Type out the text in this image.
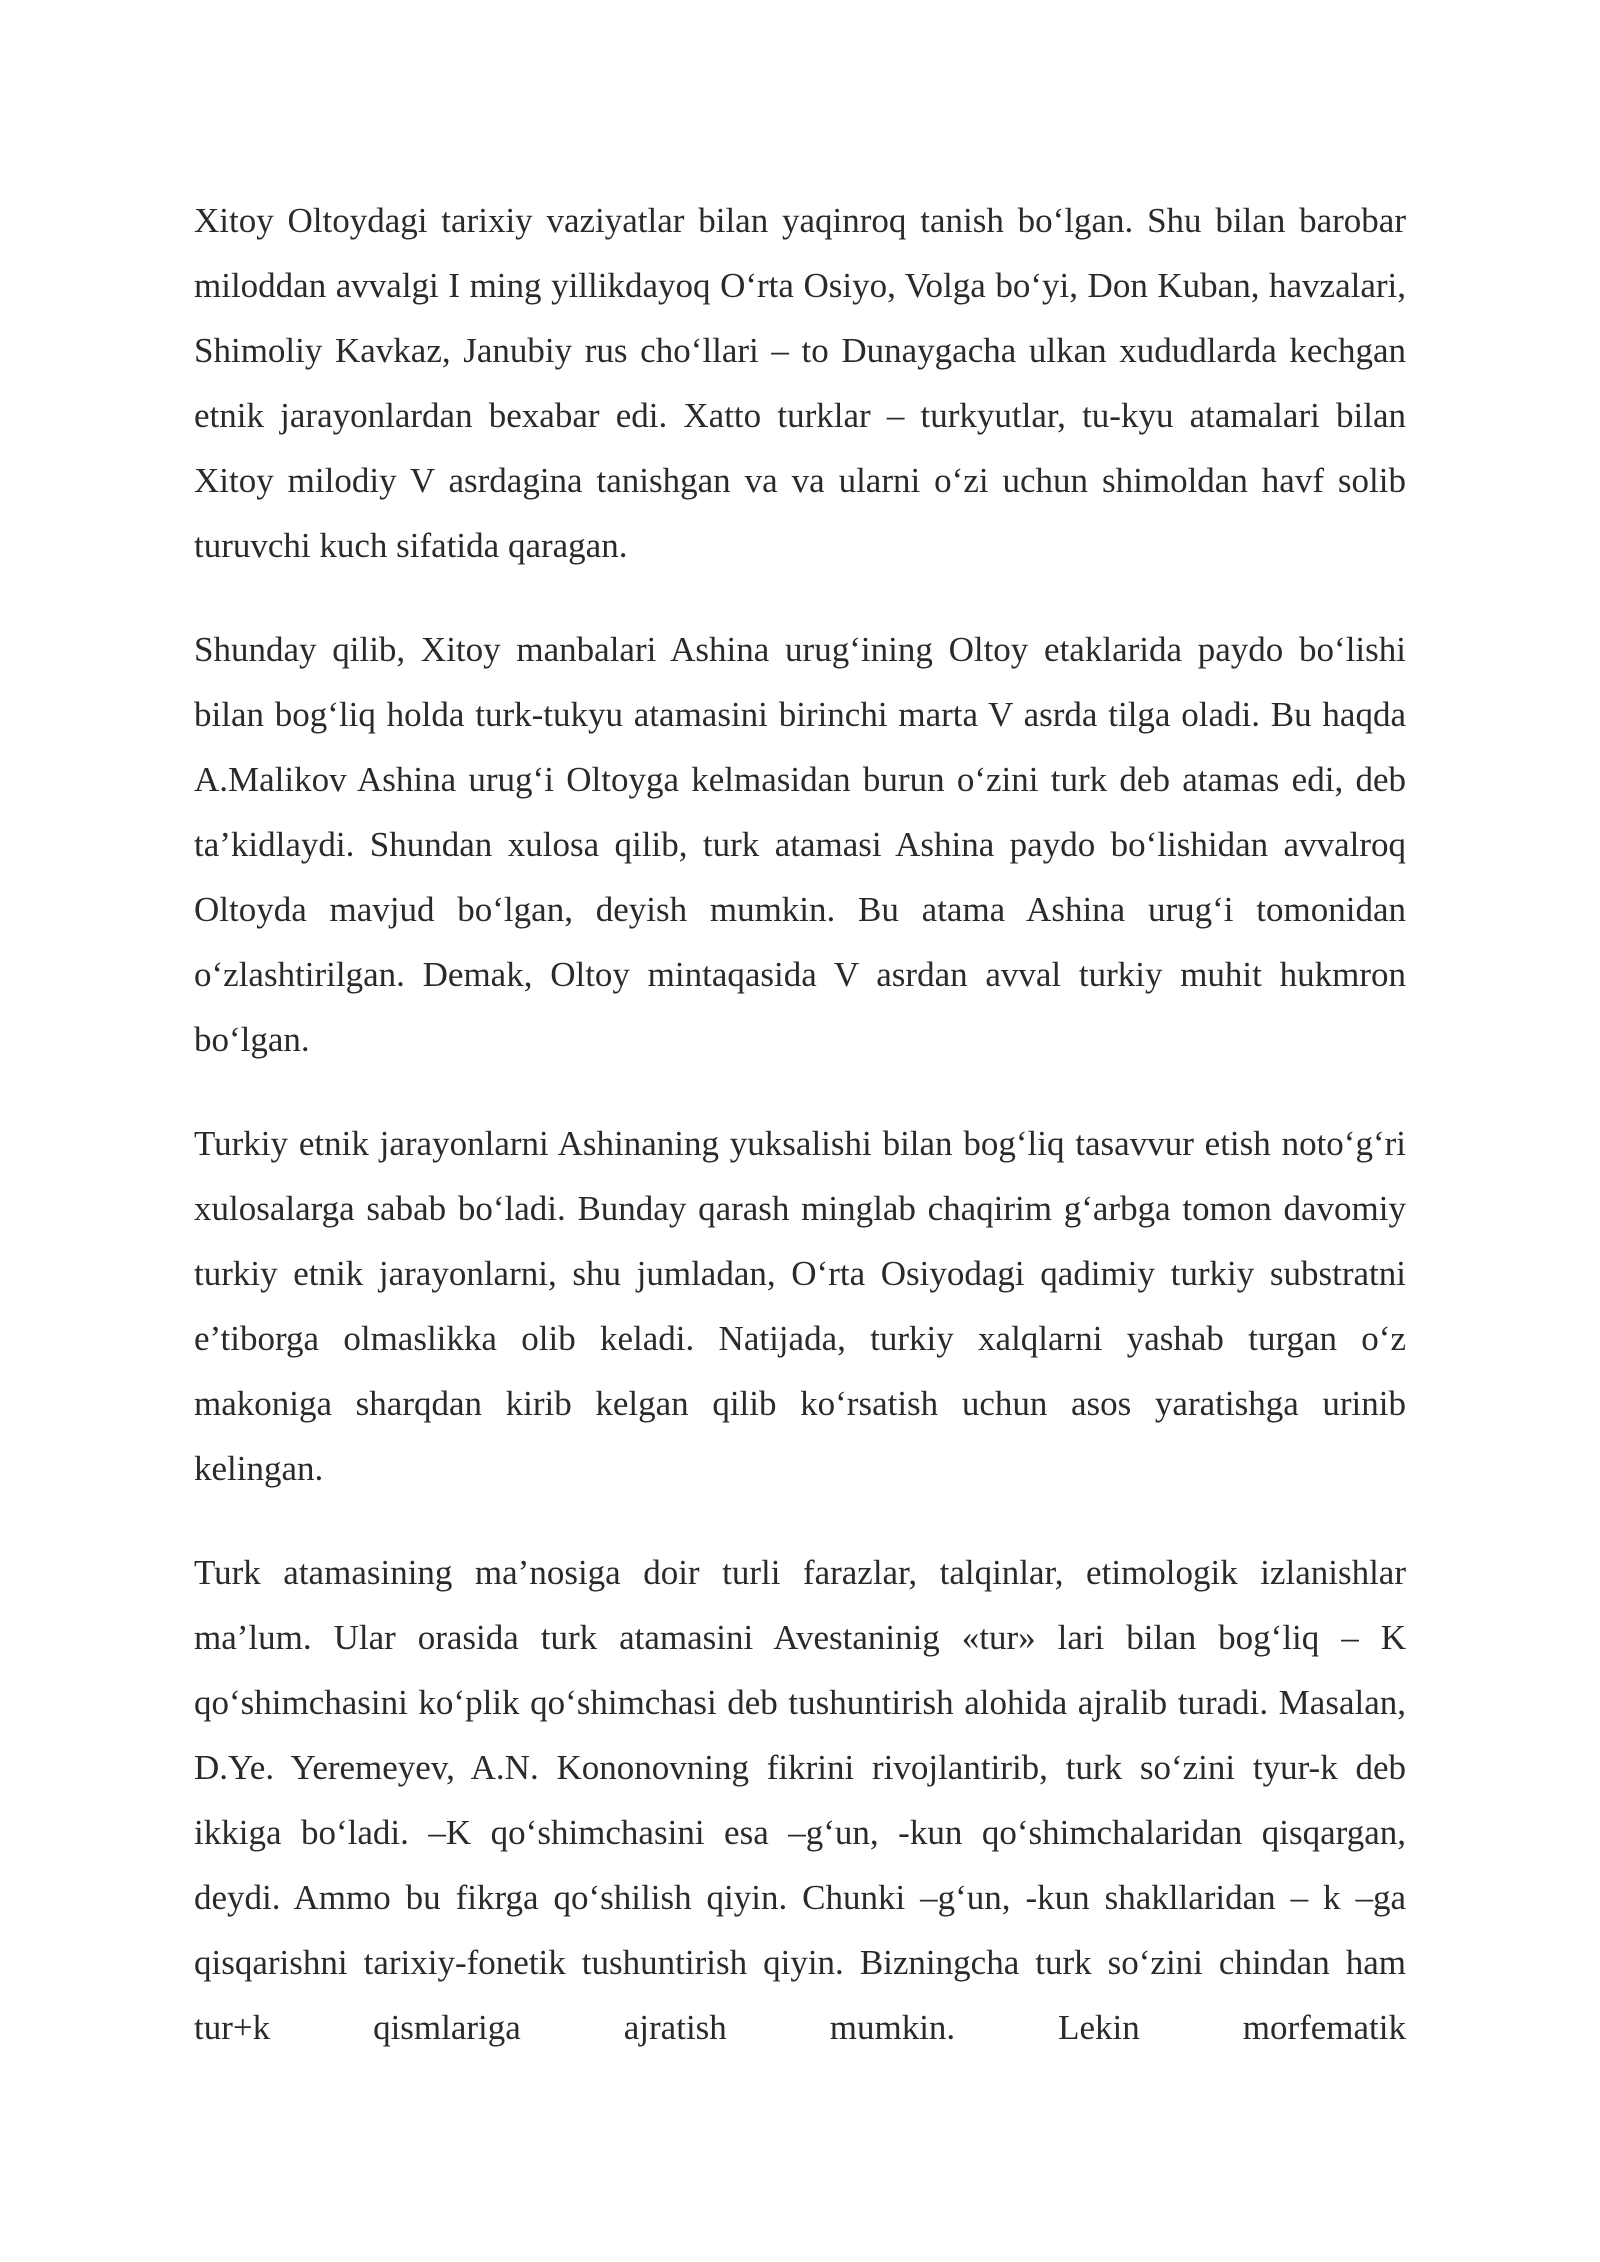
Xitoy Oltoydagi tarixiy vaziyatlar bilan yaqinroq tanish boʻlgan. Shu bilan barobar miloddan avvalgi I ming yillikdayoq Oʻrta Osiyo, Volga boʻyi, Don Kuban, havzalari, Shimoliy Kavkaz, Janubiy rus choʻllari – to Dunaygacha ulkan xududlarda kechgan etnik jarayonlardan bexabar edi. Xatto turklar – turkyutlar, tu-kyu atamalari bilan Xitoy milodiy V asrdagina tanishgan va va ularni oʻzi uchun shimoldan havf solib turuvchi kuch sifatida qaragan.

Shunday qilib, Xitoy manbalari Ashina urugʻining Oltoy etaklarida paydo boʻlishi bilan bogʻliq holda turk-tukyu atamasini birinchi marta V asrda tilga oladi. Bu haqda A.Malikov Ashina urugʻi Oltoyga kelmasidan burun oʻzini turk deb atamas edi, deb ta’kidlaydi. Shundan xulosa qilib, turk atamasi Ashina paydo boʻlishidan avvalroq Oltoyda mavjud boʻlgan, deyish mumkin. Bu atama Ashina urugʻi tomonidan oʻzlashtirilgan. Demak, Oltoy mintaqasida V asrdan avval turkiy muhit hukmron boʻlgan.

Turkiy etnik jarayonlarni Ashinaning yuksalishi bilan bogʻliq tasavvur etish notoʻgʻri xulosalarga sabab boʻladi. Bunday qarash minglab chaqirim gʻarbga tomon davomiy turkiy etnik jarayonlarni, shu jumladan, Oʻrta Osiyodagi qadimiy turkiy substratni e’tiborga olmaslikka olib keladi. Natijada, turkiy xalqlarni yashab turgan oʻz makoniga sharqdan kirib kelgan qilib koʻrsatish uchun asos yaratishga urinib kelingan.

Turk atamasining ma’nosiga doir turli farazlar, talqinlar, etimologik izlanishlar ma’lum. Ular orasida turk atamasini Avestaninig «tur» lari bilan bogʻliq – K qoʻshimchasini koʻplik qoʻshimchasi deb tushuntirish alohida ajralib turadi. Masalan, D.Ye. Yeremeyev, A.N. Kononovning fikrini rivojlantirib, turk soʻzini tyur-k deb ikkiga boʻladi. –K qoʻshimchasini esa –gʻun, -kun qoʻshimchalaridan qisqargan, deydi. Ammo bu fikrga qoʻshilish qiyin. Chunki –gʻun, -kun shakllaridan – k –ga qisqarishni tarixiy-fonetik tushuntirish qiyin. Bizningcha turk soʻzini chindan ham tur+k qismlariga ajratish mumkin. Lekin morfematik
